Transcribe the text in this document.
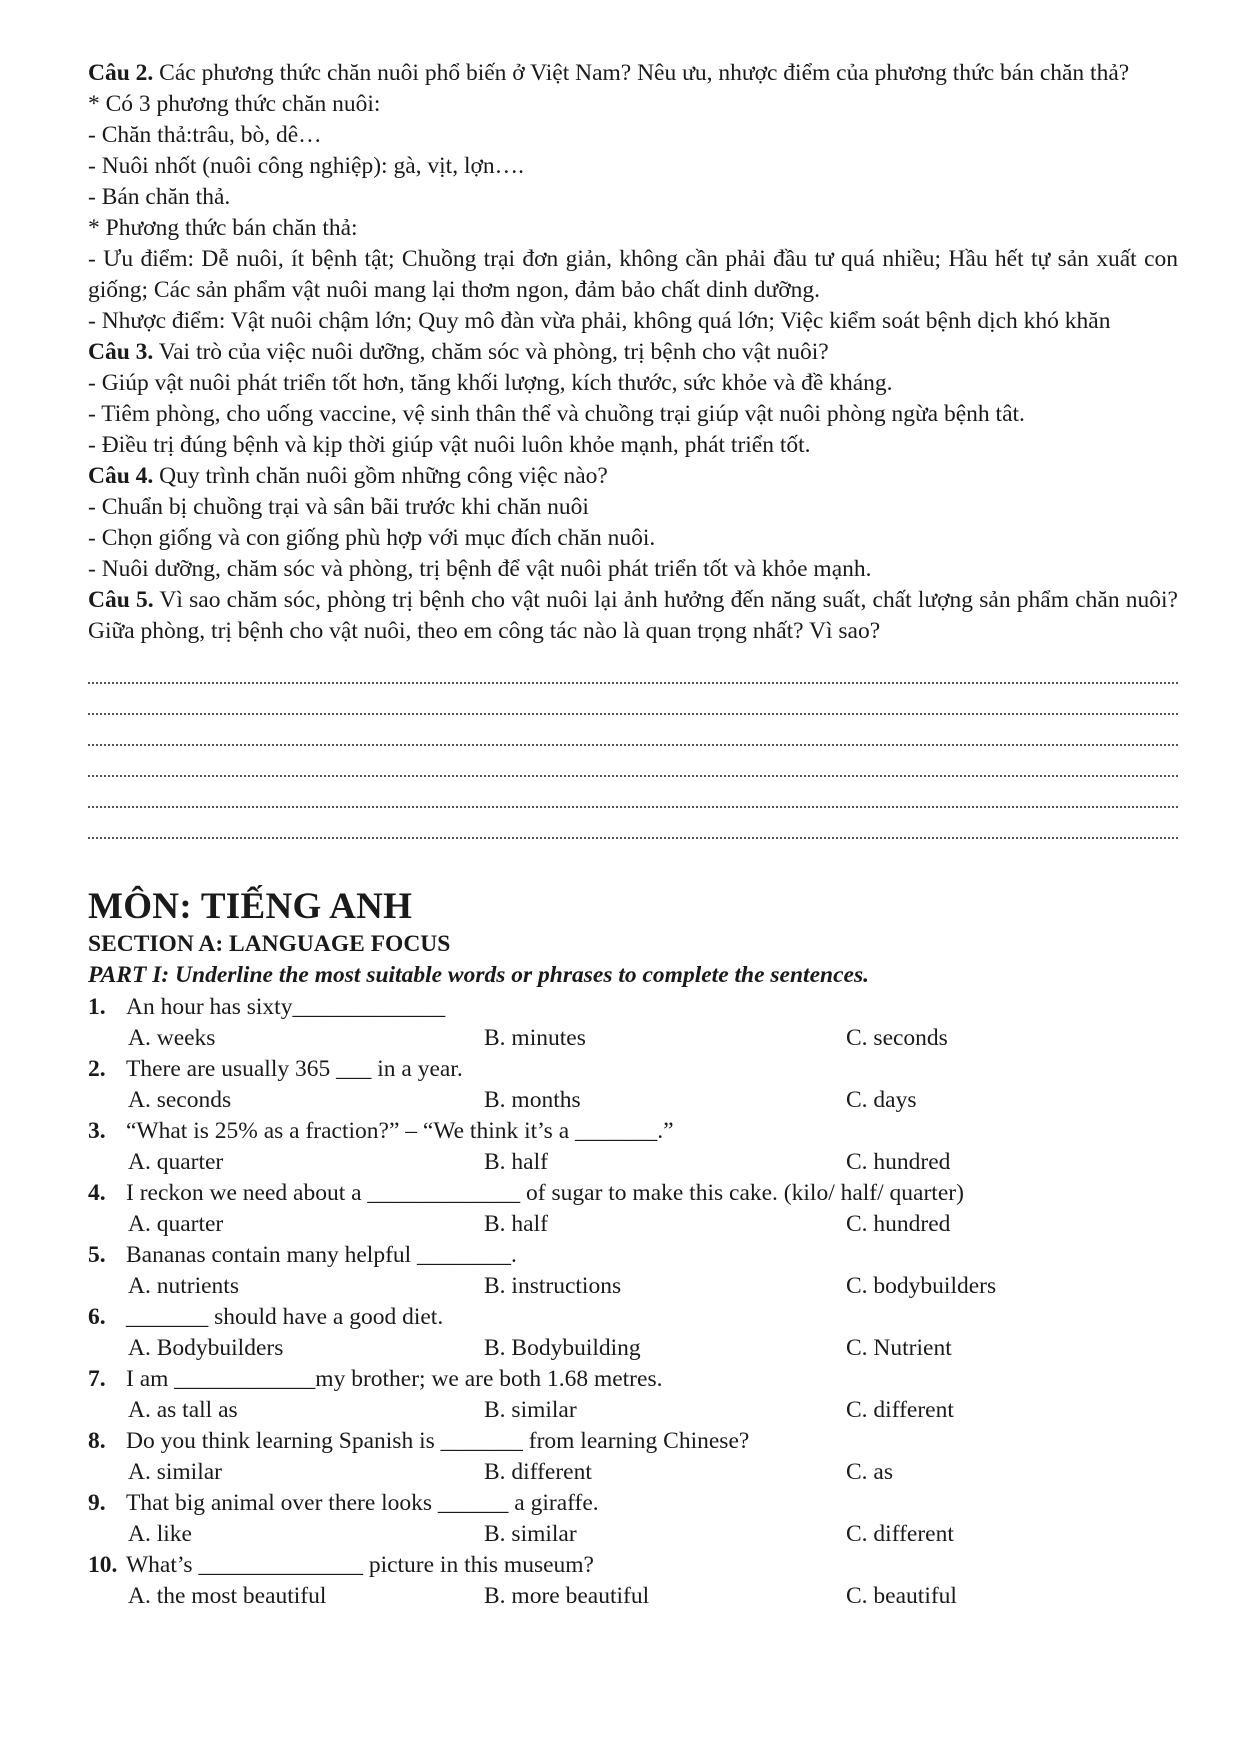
Câu 2. Các phương thức chăn nuôi phổ biến ở Việt Nam? Nêu ưu, nhược điểm của phương thức bán chăn thả?
* Có 3 phương thức chăn nuôi:
- Chăn thả:trâu, bò, dê…
- Nuôi nhốt (nuôi công nghiệp): gà, vịt, lợn….
- Bán chăn thả.
* Phương thức bán chăn thả:
- Ưu điểm: Dễ nuôi, ít bệnh tật; Chuồng trại đơn giản, không cần phải đầu tư quá nhiều; Hầu hết tự sản xuất con giống; Các sản phẩm vật nuôi mang lại thơm ngon, đảm bảo chất dinh dưỡng.
- Nhược điểm: Vật nuôi chậm lớn; Quy mô đàn vừa phải, không quá lớn; Việc kiểm soát bệnh dịch khó khăn
Câu 3. Vai trò của việc nuôi dưỡng, chăm sóc và phòng, trị bệnh cho vật nuôi?
- Giúp vật nuôi phát triển tốt hơn, tăng khối lượng, kích thước, sức khỏe và đề kháng.
- Tiêm phòng, cho uống vaccine, vệ sinh thân thể và chuồng trại giúp vật nuôi phòng ngừa bệnh tât.
- Điều trị đúng bệnh và kịp thời giúp vật nuôi luôn khỏe mạnh, phát triển tốt.
Câu 4. Quy trình chăn nuôi gồm những công việc nào?
- Chuẩn bị chuồng trại và sân bãi trước khi chăn nuôi
- Chọn giống và con giống phù hợp với mục đích chăn nuôi.
- Nuôi dưỡng, chăm sóc và phòng, trị bệnh để vật nuôi phát triển tốt và khỏe mạnh.
Câu 5. Vì sao chăm sóc, phòng trị bệnh cho vật nuôi lại ảnh hưởng đến năng suất, chất lượng sản phẩm chăn nuôi? Giữa phòng, trị bệnh cho vật nuôi, theo em công tác nào là quan trọng nhất? Vì sao?
MÔN: TIẾNG ANH
SECTION A: LANGUAGE FOCUS
PART I: Underline the most suitable words or phrases to complete the sentences.
1. An hour has sixty_____________
A. weeks	B. minutes	C. seconds
2. There are usually 365 ___ in a year.
A. seconds	B. months	C. days
3. “What is 25% as a fraction?” – “We think it’s a _______.”
A. quarter	B. half	C. hundred
4. I reckon we need about a _____________ of sugar to make this cake. (kilo/ half/ quarter)
A. quarter	B. half	C. hundred
5. Bananas contain many helpful ________.
A. nutrients	B. instructions	C. bodybuilders
6. _______ should have a good diet.
A. Bodybuilders	B. Bodybuilding	C. Nutrient
7. I am ____________my brother; we are both 1.68 metres.
A. as tall as	B. similar	C. different
8. Do you think learning Spanish is _______ from learning Chinese?
A. similar	B. different	C. as
9. That big animal over there looks ______ a giraffe.
A. like	B. similar	C. different
10. What’s ______________ picture in this museum?
A. the most beautiful	B. more beautiful	C. beautiful
